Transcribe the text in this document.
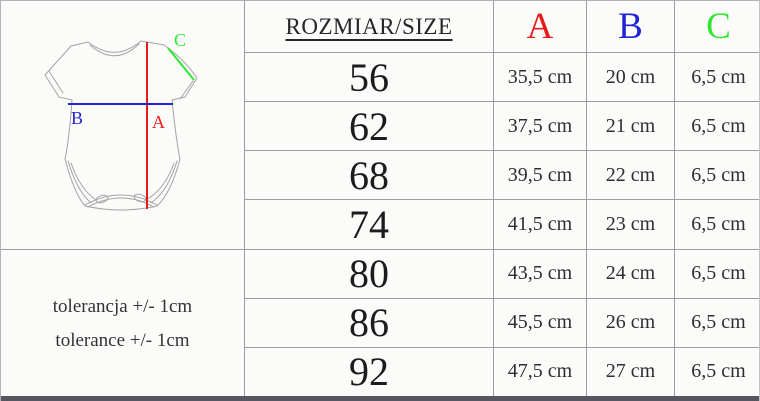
B	A
C
tolerancja +/- 1cm
tolerance +/- 1cm
ROZMIAR/SIZE	A	B	C
56	35,5 cm	20 cm	6,5 cm
62	37,5 cm	21 cm	6,5 cm
68	39,5 cm	22 cm	6,5 cm
74	41,5 cm	23 cm	6,5 cm
80	43,5 cm	24 cm	6,5 cm
86	45,5 cm	26 cm	6,5 cm
92	47,5 cm	27 cm	6,5 cm
